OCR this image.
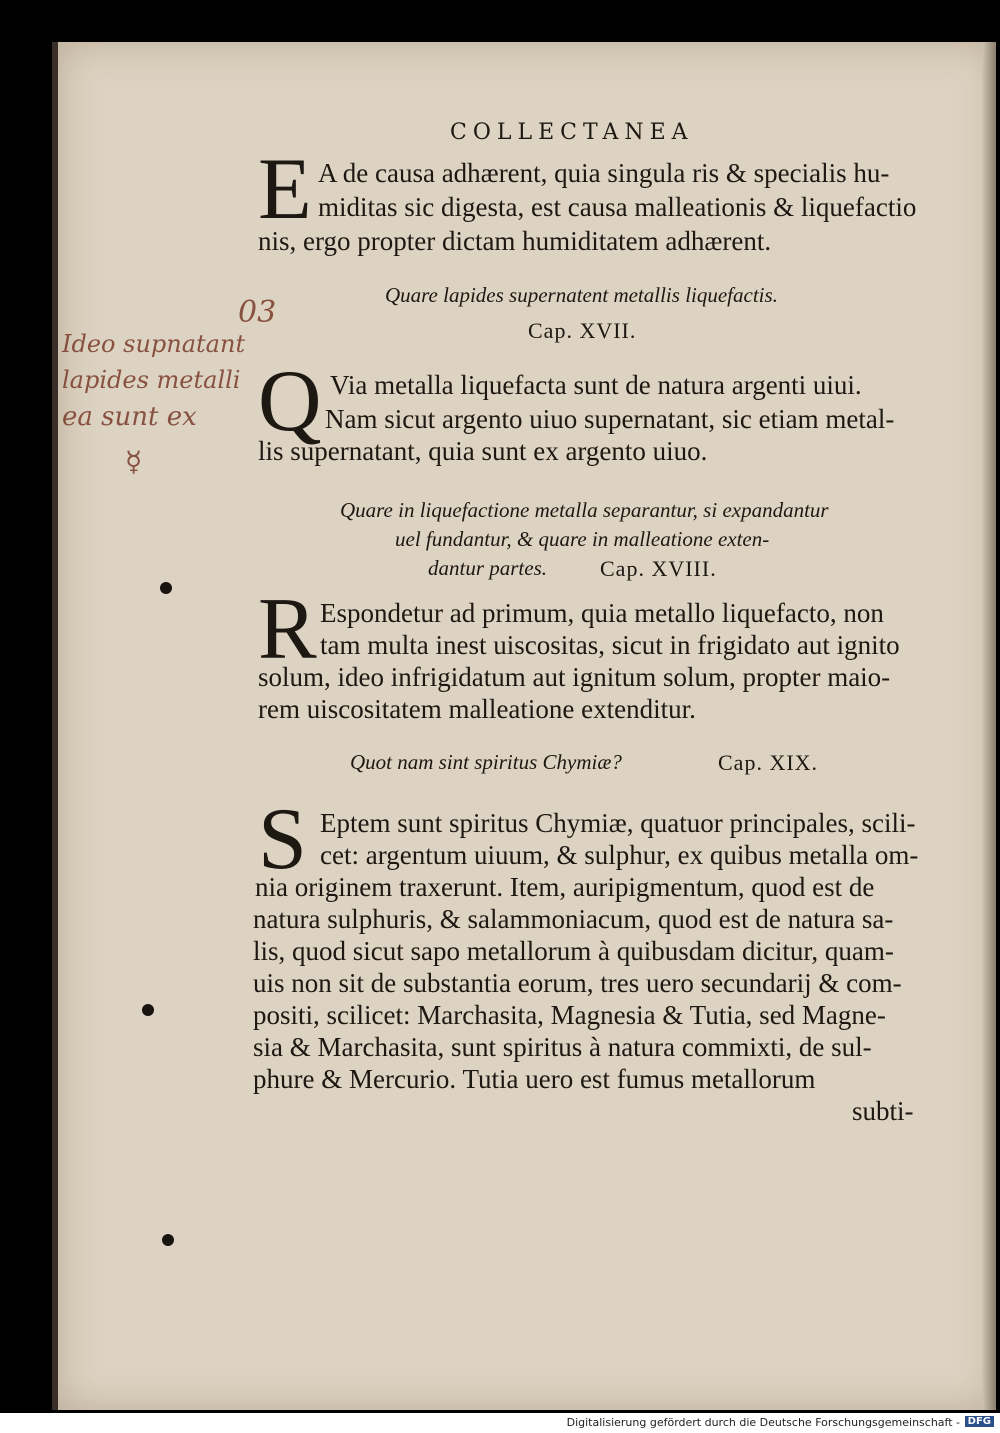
COLLECTANEA
E A de causa adhærent, quia singula ris & specialis hu-
miditas sic digesta, est causa malleationis & liquefactio
nis, ergo propter dictam humiditatem adhærent.
Quare lapides supernatent metallis liquefactis.
Cap. XVII.
Q Via metalla liquefacta sunt de natura argenti uiui.
Nam sicut argento uiuo supernatant, sic etiam metal-
lis supernatant, quia sunt ex argento uiuo.
Quare in liquefactione metalla separantur, si expandantur
uel fundantur, & quare in malleatione exten-
dantur partes. Cap. XVIII.
R Espondetur ad primum, quia metallo liquefacto, non
tam multa inest uiscositas, sicut in frigidato aut ignito
solum, ideo infrigidatum aut ignitum solum, propter maio-
rem uiscositatem malleatione extenditur.
Quot nam sint spiritus Chymiæ?	Cap. XIX.
S Eptem sunt spiritus Chymiæ, quatuor principales, scili-
cet: argentum uiuum, & sulphur, ex quibus metalla om-
nia originem traxerunt. Item, auripigmentum, quod est de
natura sulphuris, & salammoniacum, quod est de natura sa-
lis, quod sicut sapo metallorum à quibusdam dicitur, quam-
uis non sit de substantia eorum, tres uero secundarij & com-
positi, scilicet: Marchasita, Magnesia & Tutia, sed Magne-
sia & Marchasita, sunt spiritus à natura commixti, de sul-
phure & Mercurio. Tutia uero est fumus metallorum
subti-
03
Ideo supnatant
lapides metalli
ea sunt ex
☿
Digitalisierung gefördert durch die Deutsche Forschungsgemeinschaft - DFG
